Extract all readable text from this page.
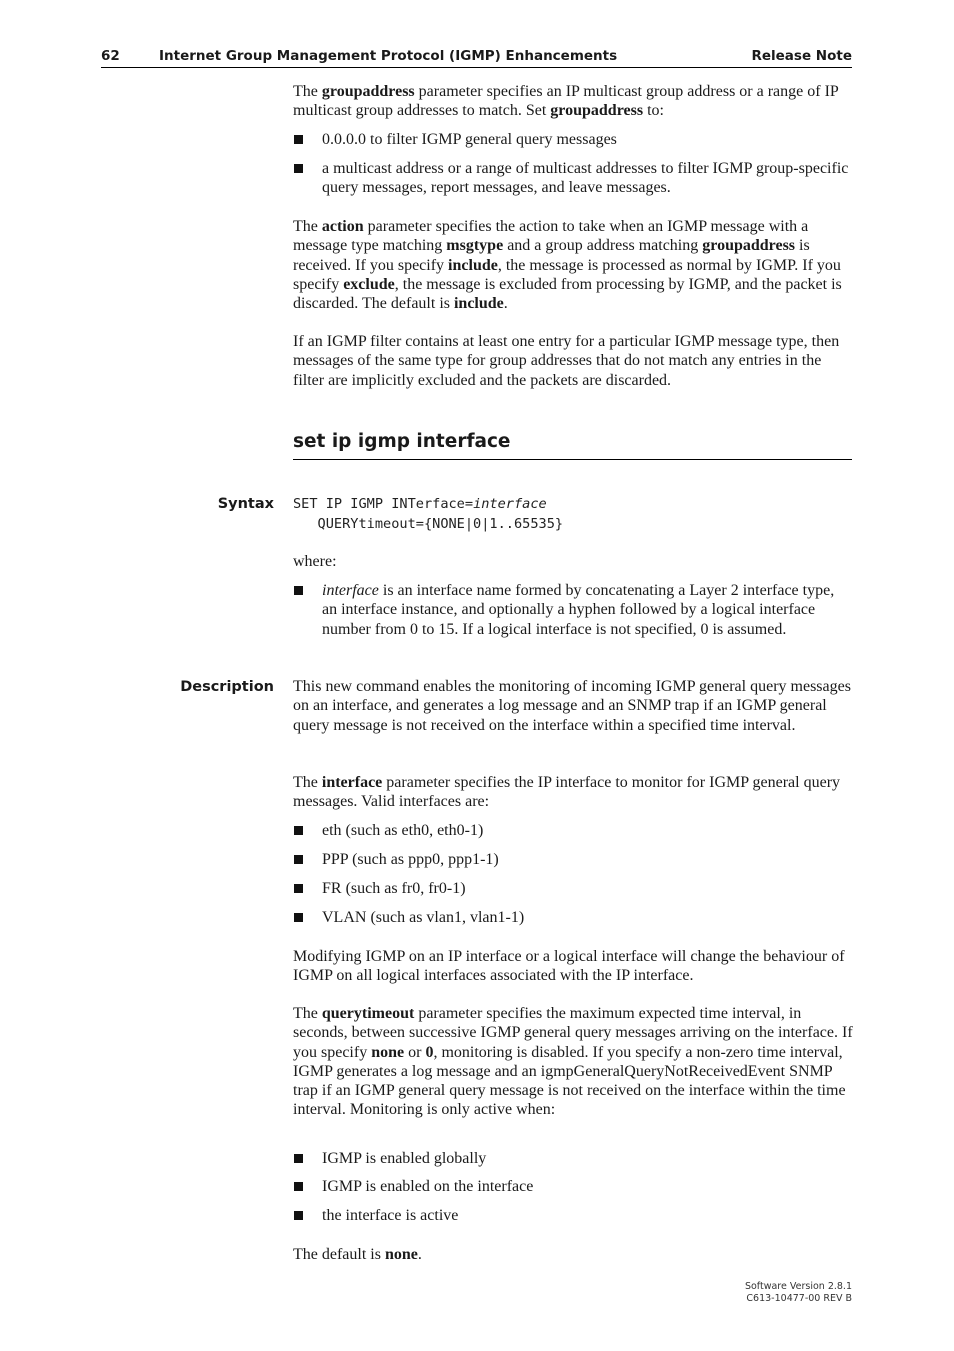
62	Internet Group Management Protocol (IGMP) Enhancements	Release Note

The groupaddress parameter specifies an IP multicast group address or a range of IP multicast group addresses to match. Set groupaddress to:

0.0.0.0 to filter IGMP general query messages
a multicast address or a range of multicast addresses to filter IGMP group-specific query messages, report messages, and leave messages.

The action parameter specifies the action to take when an IGMP message with a message type matching msgtype and a group address matching groupaddress is received. If you specify include, the message is processed as normal by IGMP. If you specify exclude, the message is excluded from processing by IGMP, and the packet is discarded. The default is include.

If an IGMP filter contains at least one entry for a particular IGMP message type, then messages of the same type for group addresses that do not match any entries in the filter are implicitly excluded and the packets are discarded.

set ip igmp interface
Syntax SET IP IGMP INTerface=interface
QUERYtimeout={NONE|0|1..65535}

where:

interface is an interface name formed by concatenating a Layer 2 interface type, an interface instance, and optionally a hyphen followed by a logical interface number from 0 to 15. If a logical interface is not specified, 0 is assumed.
Description This new command enables the monitoring of incoming IGMP general query messages on an interface, and generates a log message and an SNMP trap if an IGMP general query message is not received on the interface within a specified time interval.

The interface parameter specifies the IP interface to monitor for IGMP general query messages. Valid interfaces are:

eth (such as eth0, eth0-1)
PPP (such as ppp0, ppp1-1)
FR (such as fr0, fr0-1)
VLAN (such as vlan1, vlan1-1)

Modifying IGMP on an IP interface or a logical interface will change the behaviour of IGMP on all logical interfaces associated with the IP interface.

The querytimeout parameter specifies the maximum expected time interval, in seconds, between successive IGMP general query messages arriving on the interface. If you specify none or 0, monitoring is disabled. If you specify a non-zero time interval, IGMP generates a log message and an igmpGeneralQueryNotReceivedEvent SNMP trap if an IGMP general query message is not received on the interface within the time interval. Monitoring is only active when:

IGMP is enabled globally
IGMP is enabled on the interface
the interface is active

The default is none.

Software Version 2.8.1
C613-10477-00 REV B
